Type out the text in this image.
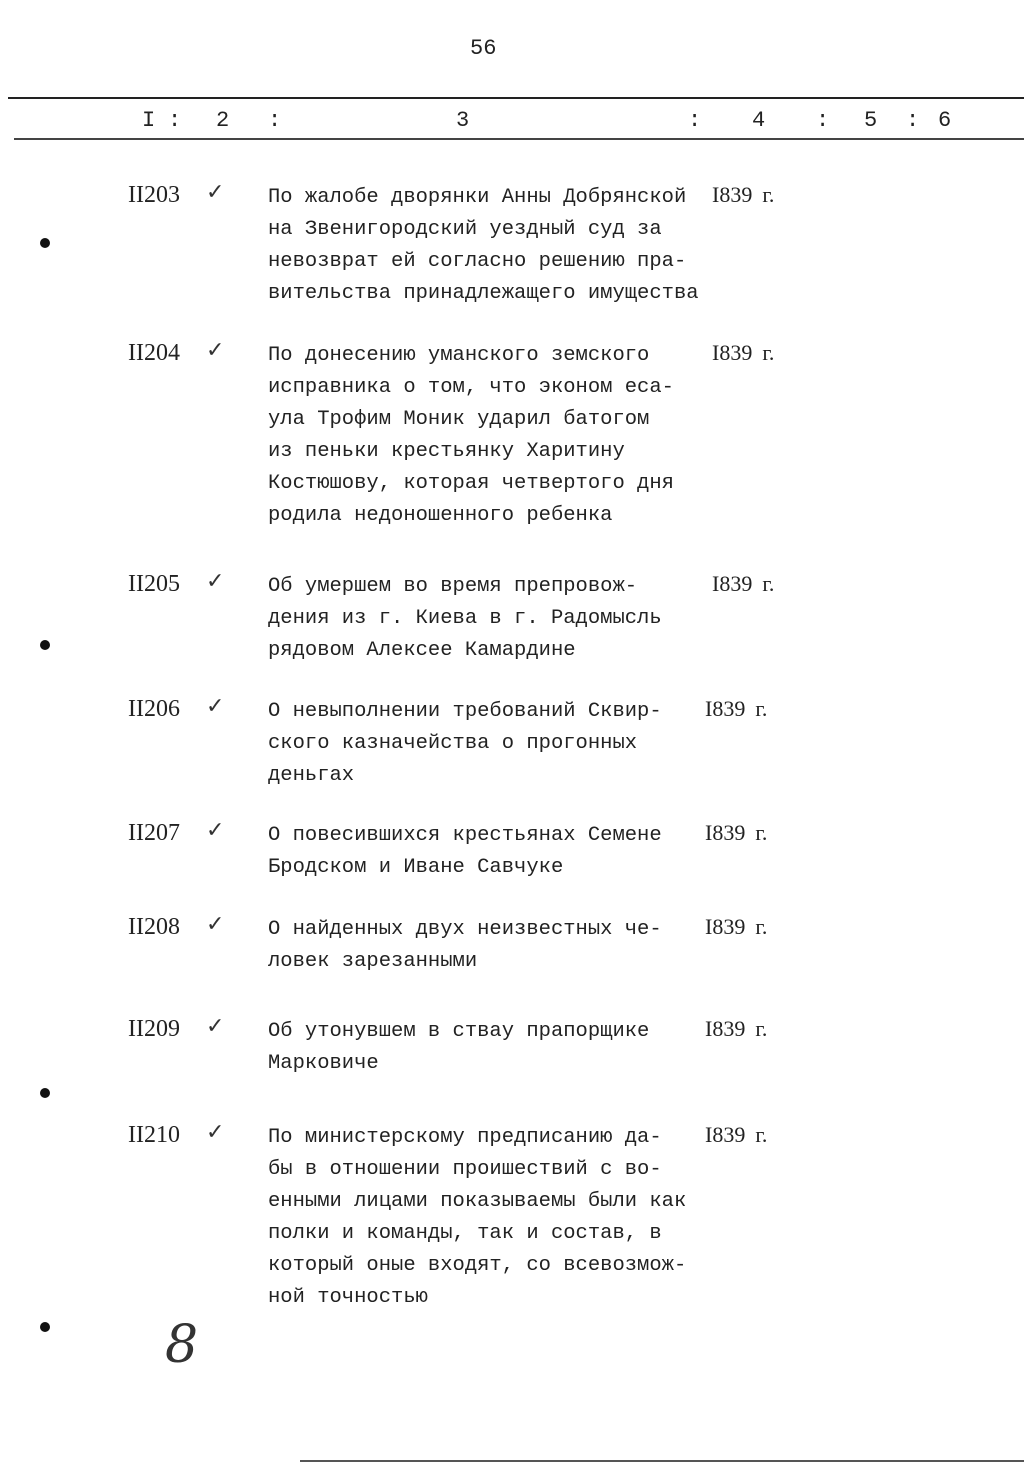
56
I : 2 :	3	: 4 : 5 : 6
II203 ✓ По жалобе дворянки Анны Добрянской
на Звенигородский уездный суд за
невозврат ей согласно решению пра-
вительства принадлежащего имущества
I839 г.
II204 ✓ По донесению уманского земского
исправника о том, что эконом еса-
ула Трофим Моник ударил батогом
из пеньки крестьянку Харитину
Костюшову, которая четвертого дня
родила недоношенного ребенка
I839 г.
II205 ✓ Об умершем во время препровож-
дения из г. Киева в г. Радомысль
рядовом Алексее Камардине
I839 г.
II206 ✓ О невыполнении требований Сквир-
ского казначейства о прогонных
деньгах
I839 г.
II207 ✓ О повесившихся крестьянах Семене
Бродском и Иване Савчуке
I839 г.
II208 ✓ О найденных двух неизвестных че-
ловек зарезанными
I839 г.
II209 ✓ Об утонувшем в ствау прапорщике
Марковиче
I839 г.
II210 ✓ По министерскому предписанию да-
бы в отношении проишествий с во-
енными лицами показываемы были как
полки и команды, так и состав, в
который оные входят, со всевозмож-
ной точностью
I839 г.
8
